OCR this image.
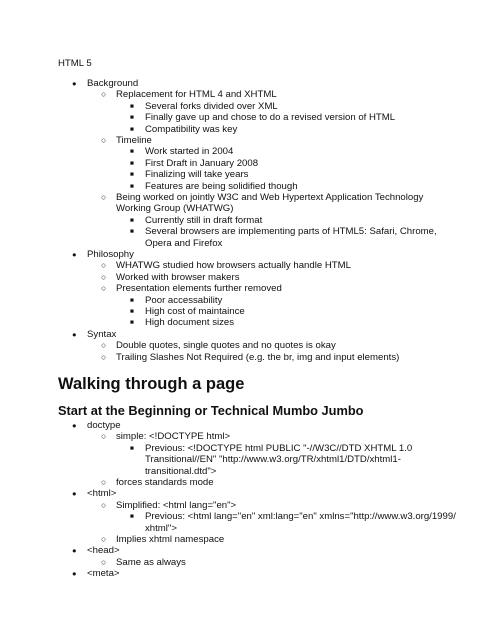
HTML 5
● Background
○ Replacement for HTML 4 and XHTML
■ Several forks divided over XML
■ Finally gave up and chose to do a revised version of HTML
■ Compatibility was key
○ Timeline
■ Work started in 2004
■ First Draft in January 2008
■ Finalizing will take years
■ Features are being solidified though
○ Being worked on jointly W3C and Web Hypertext Application Technology
Working Group (WHATWG)
■ Currently still in draft format
■ Several browsers are implementing parts of HTML5: Safari, Chrome,
Opera and Firefox
● Philosophy
○ WHATWG studied how browsers actually handle HTML
○ Worked with browser makers
○ Presentation elements further removed
■ Poor accessability
■ High cost of maintaince
■ High document sizes
● Syntax
○ Double quotes, single quotes and no quotes is okay
○ Trailing Slashes Not Required (e.g. the br, img and input elements)
Walking through a page
Start at the Beginning or Technical Mumbo Jumbo
● doctype
○ simple: <!DOCTYPE html>
■ Previous: <!DOCTYPE html PUBLIC "-//W3C//DTD XHTML 1.0
Transitional//EN" "http://www.w3.org/TR/xhtml1/DTD/xhtml1-
transitional.dtd">
○ forces standards mode
● <html>
○ Simplified: <html lang="en">
■ Previous: <html lang="en" xml:lang="en" xmlns="http://www.w3.org/1999/
xhtml">
○ Implies xhtml namespace
● <head>
○ Same as always
● <meta>
